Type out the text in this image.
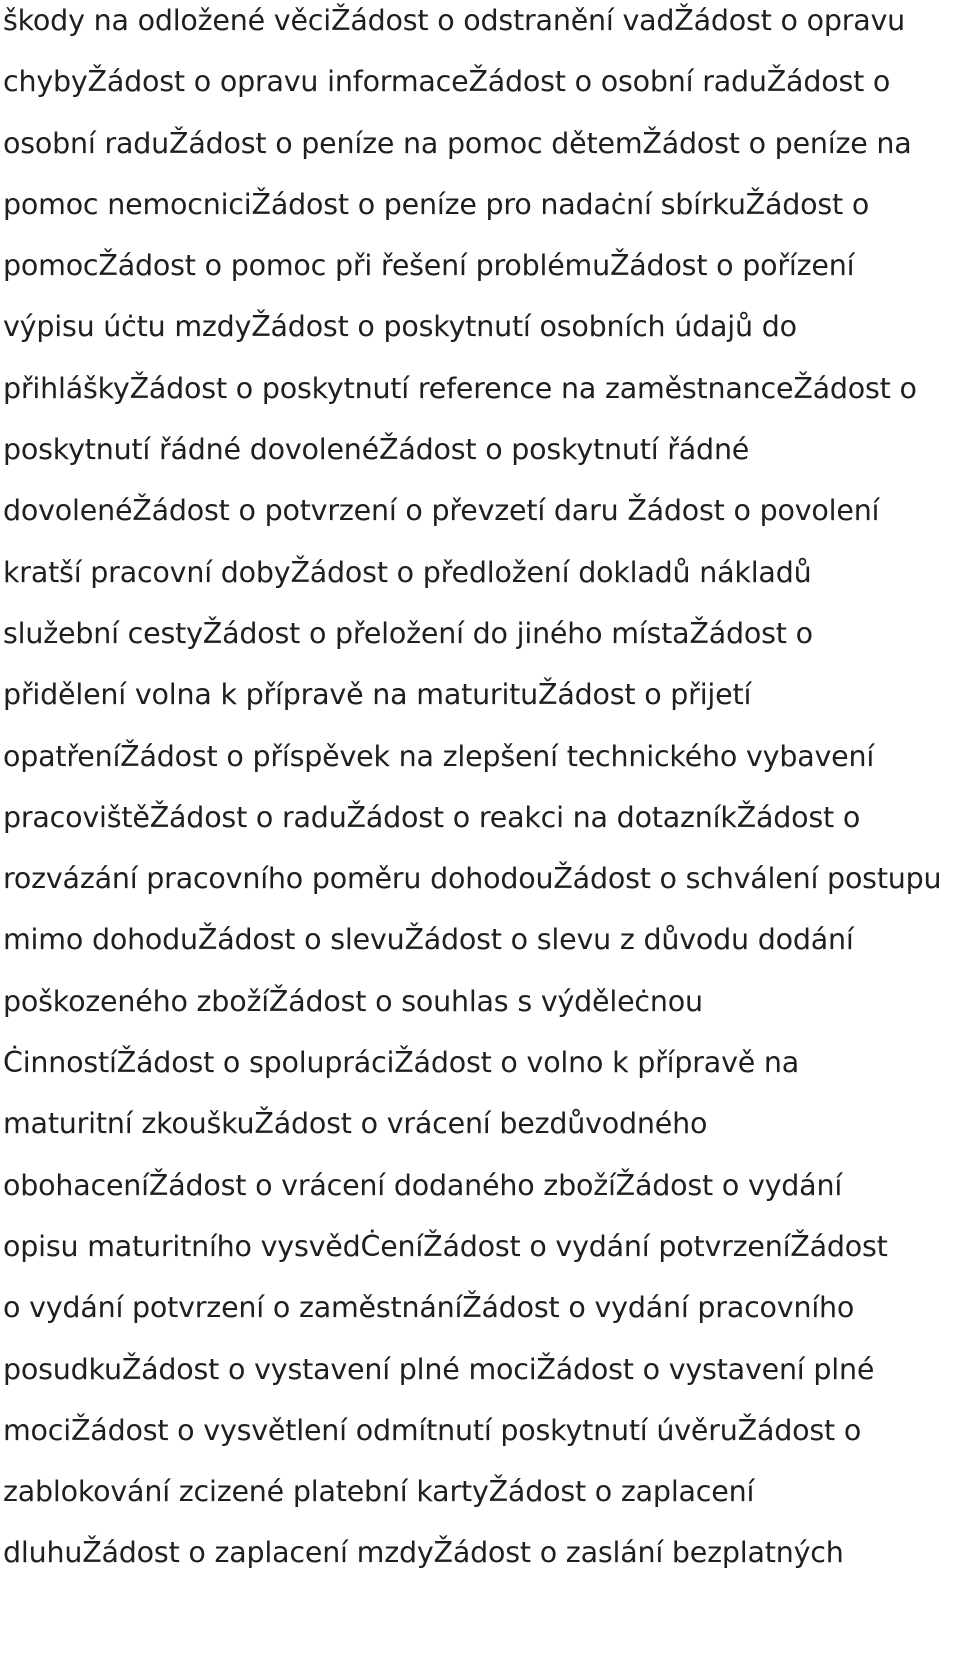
škody na odložené věciŽádost o odstranění vadŽádost o opravu
chybyŽádost o opravu informaceŽádost o osobní raduŽádost o
osobní raduŽádost o peníze na pomoc dětemŽádost o peníze na
pomoc nemocniciŽádost o peníze pro nadaċní sbírkuŽádost o
pomocŽádost o pomoc při řešení problémuŽádost o pořízení
výpisu úċtu mzdyŽádost o poskytnutí osobních údajů do
přihláškyŽádost o poskytnutí reference na zaměstnanceŽádost o
poskytnutí řádné dovolenéŽádost o poskytnutí řádné
dovolenéŽádost o potvrzení o převzetí daru Žádost o povolení
kratší pracovní dobyŽádost o předložení dokladů nákladů
služební cestyŽádost o přeložení do jiného místaŽádost o
přidělení volna k přípravě na maturituŽádost o přijetí
opatřeníŽádost o příspěvek na zlepšení technického vybavení
pracovištěŽádost o raduŽádost o reakci na dotazníkŽádost o
rozvázání pracovního poměru dohodouŽádost o schválení postupu
mimo dohoduŽádost o slevuŽádost o slevu z důvodu dodání
poškozeného zbožíŽádost o souhlas s výděleċnou
ĊinnostíŽádost o spoluprácіŽádost o volno k přípravě na
maturitní zkouškuŽádost o vrácení bezdůvodného
obohaceníŽádost o vrácení dodaného zbožíŽádost o vydání
opisu maturitního vysvědĊeníŽádost o vydání potvrzeníŽádost
o vydání potvrzení o zaměstnáníŽádost o vydání pracovního
posudkuŽádost o vystavení plné mociŽádost o vystavení plné
mociŽádost o vysvětlení odmítnutí poskytnutí úvěruŽádost o
zablokování zcizené platební kartyŽádost o zaplacení
dluhuŽádost o zaplacení mzdyŽádost o zaslání bezplatných
